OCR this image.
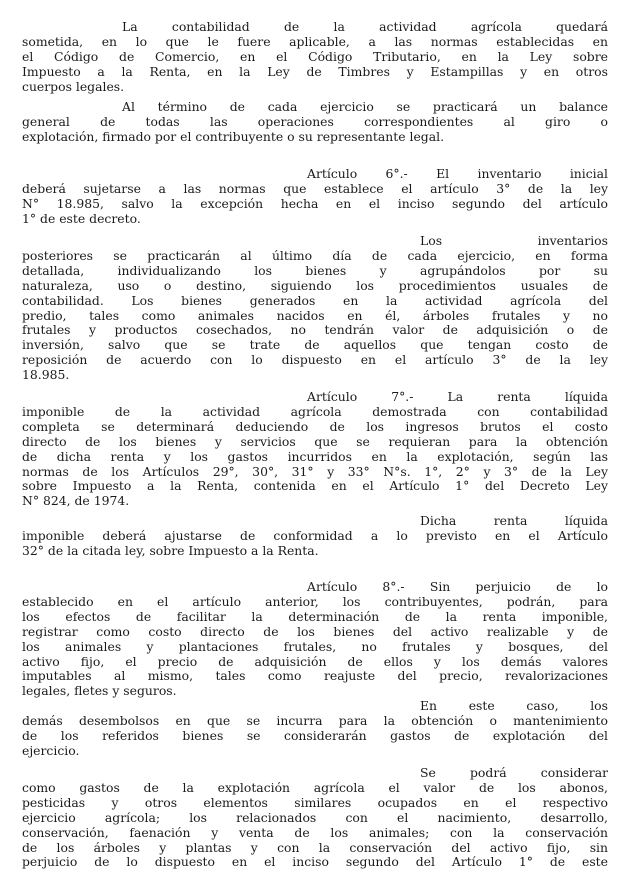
La contabilidad de la actividad agrícola quedará
sometida, en lo que le fuere aplicable, a las normas establecidas en
el Código de Comercio, en el Código Tributario, en la Ley sobre
Impuesto a la Renta, en la Ley de Timbres y Estampillas y en otros
cuerpos legales.
Al término de cada ejercicio se practicará un balance
general de todas las operaciones correspondientes al giro o
explotación, firmado por el contribuyente o su representante legal.
Artículo 6°.- El inventario inicial
deberá sujetarse a las normas que establece el artículo 3° de la ley
N° 18.985, salvo la excepción hecha en el inciso segundo del artículo
1° de este decreto.
Los inventarios
posteriores se practicarán al último día de cada ejercicio, en forma
detallada, individualizando los bienes y agrupándolos por su
naturaleza, uso o destino, siguiendo los procedimientos usuales de
contabilidad. Los bienes generados en la actividad agrícola del
predio, tales como animales nacidos en él, árboles frutales y no
frutales y productos cosechados, no tendrán valor de adquisición o de
inversión, salvo que se trate de aquellos que tengan costo de
reposición de acuerdo con lo dispuesto en el artículo 3° de la ley
18.985.
Artículo 7°.- La renta líquida
imponible de la actividad agrícola demostrada con contabilidad
completa se determinará deduciendo de los ingresos brutos el costo
directo de los bienes y servicios que se requieran para la obtención
de dicha renta y los gastos incurridos en la explotación, según las
normas de los Artículos 29°, 30°, 31° y 33° N°s. 1°, 2° y 3° de la Ley
sobre Impuesto a la Renta, contenida en el Artículo 1° del Decreto Ley
N° 824, de 1974.
Dicha renta líquida
imponible deberá ajustarse de conformidad a lo previsto en el Artículo
32° de la citada ley, sobre Impuesto a la Renta.
Artículo 8°.- Sin perjuicio de lo
establecido en el artículo anterior, los contribuyentes, podrán, para
los efectos de facilitar la determinación de la renta imponible,
registrar como costo directo de los bienes del activo realizable y de
los animales y plantaciones frutales, no frutales y bosques, del
activo fijo, el precio de adquisición de ellos y los demás valores
imputables al mismo, tales como reajuste del precio, revalorizaciones
legales, fletes y seguros.
En este caso, los
demás desembolsos en que se incurra para la obtención o mantenimiento
de los referidos bienes se considerarán gastos de explotación del
ejercicio.
Se podrá considerar
como gastos de la explotación agrícola el valor de los abonos,
pesticidas y otros elementos similares ocupados en el respectivo
ejercicio agrícola; los relacionados con el nacimiento, desarrollo,
conservación, faenación y venta de los animales; con la conservación
de los árboles y plantas y con la conservación del activo fijo, sin
perjuicio de lo dispuesto en el inciso segundo del Artículo 1° de este
